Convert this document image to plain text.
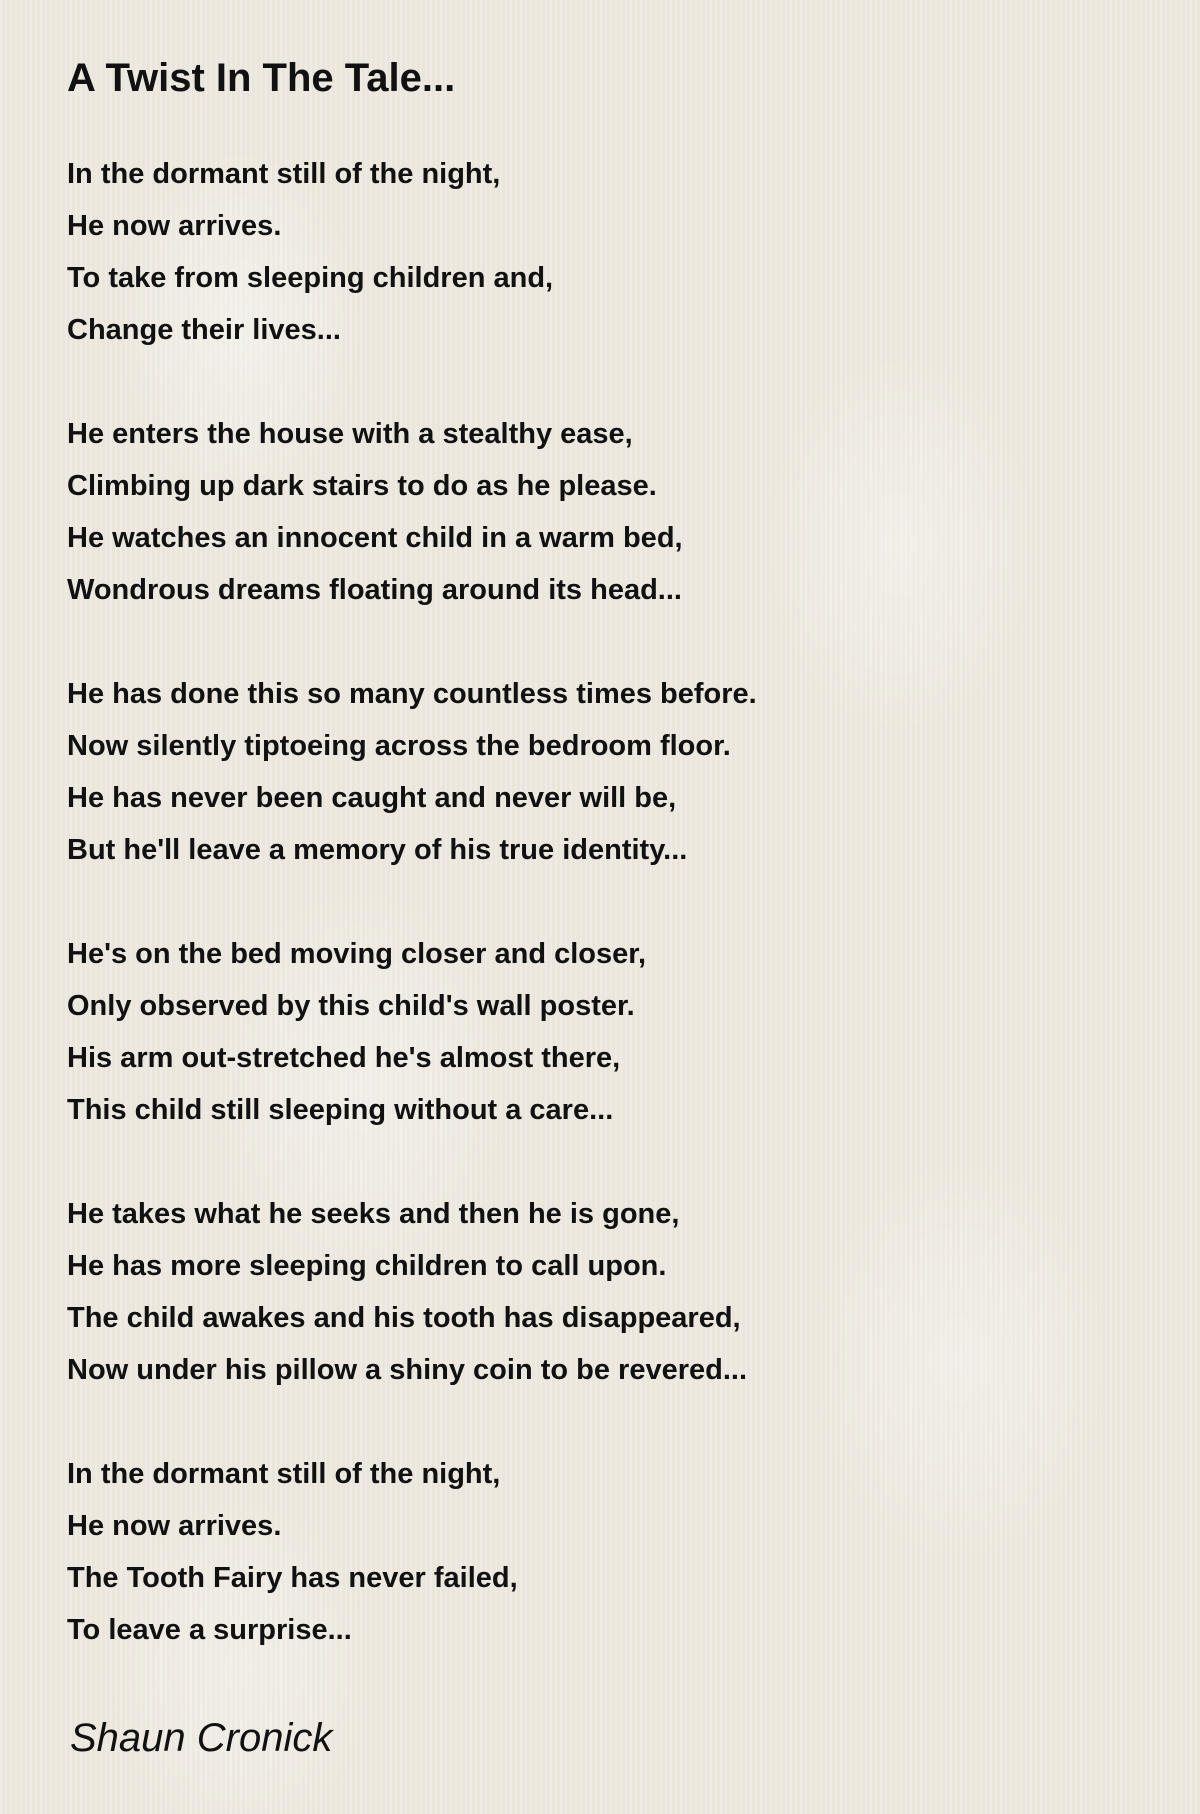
A Twist In The Tale...
In the dormant still of the night,
He now arrives.
To take from sleeping children and,
Change their lives...
He enters the house with a stealthy ease,
Climbing up dark stairs to do as he please.
He watches an innocent child in a warm bed,
Wondrous dreams floating around its head...
He has done this so many countless times before.
Now silently tiptoeing across the bedroom floor.
He has never been caught and never will be,
But he'll leave a memory of his true identity...
He's on the bed moving closer and closer,
Only observed by this child's wall poster.
His arm out-stretched he's almost there,
This child still sleeping without a care...
He takes what he seeks and then he is gone,
He has more sleeping children to call upon.
The child awakes and his tooth has disappeared,
Now under his pillow a shiny coin to be revered...
In the dormant still of the night,
He now arrives.
The Tooth Fairy has never failed,
To leave a surprise...
Shaun Cronick
